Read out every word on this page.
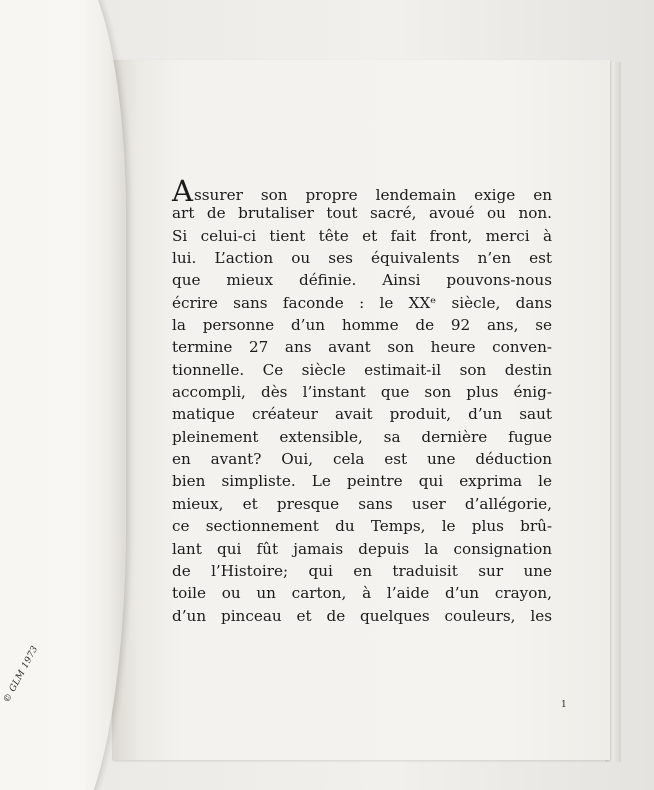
© GLM 1973
Assurer son propre lendemain exige en
art de brutaliser tout sacré, avoué ou non.
Si celui-ci tient tête et fait front, merci à
lui. L’action ou ses équivalents n’en est
que mieux définie. Ainsi pouvons-nous
écrire sans faconde : le XXᵉ siècle, dans
la personne d’un homme de 92 ans, se
termine 27 ans avant son heure conven-
tionnelle. Ce siècle estimait-il son destin
accompli, dès l’instant que son plus énig-
matique créateur avait produit, d’un saut
pleinement extensible, sa dernière fugue
en avant? Oui, cela est une déduction
bien simpliste. Le peintre qui exprima le
mieux, et presque sans user d’allégorie,
ce sectionnement du Temps, le plus brû-
lant qui fût jamais depuis la consignation
de l’Histoire; qui en traduisit sur une
toile ou un carton, à l’aide d’un crayon,
d’un pinceau et de quelques couleurs, les
1
